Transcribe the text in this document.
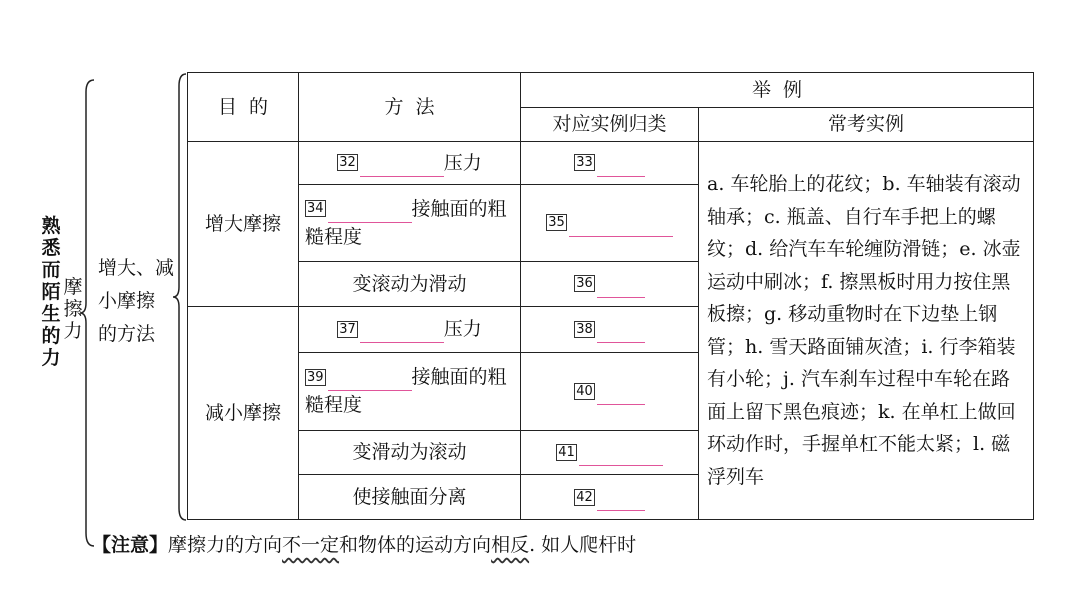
熟
悉
而
陌
生
的
力
摩
擦
力
增大、减
小摩擦
的方法
目  的	方  法	举  例	
		对应实例归类	常考实例
增大摩擦	32 压力	33	a. 车轮胎上的花纹；b. 车轴装有滚动轴承；c. 瓶盖、自行车手把上的螺纹；d. 给汽车车轮缠防滑链；e. 冰壶运动中刷冰；f. 擦黑板时用力按住黑板擦；g. 移动重物时在下边垫上钢管；h. 雪天路面铺灰渣；i. 行李箱装有小轮；j. 汽车刹车过程中车轮在路面上留下黑色痕迹；k. 在单杠上做回环动作时，手握单杠不能太紧；l. 磁浮列车
	34 接触面的粗糙程度	35	
	变滚动为滑动	36	
减小摩擦	37 压力	38	
	39 接触面的粗糙程度	40	
	变滑动为滚动	41	
	使接触面分离	42	
【注意】摩擦力的方向不一定和物体的运动方向相反. 如人爬杆时
